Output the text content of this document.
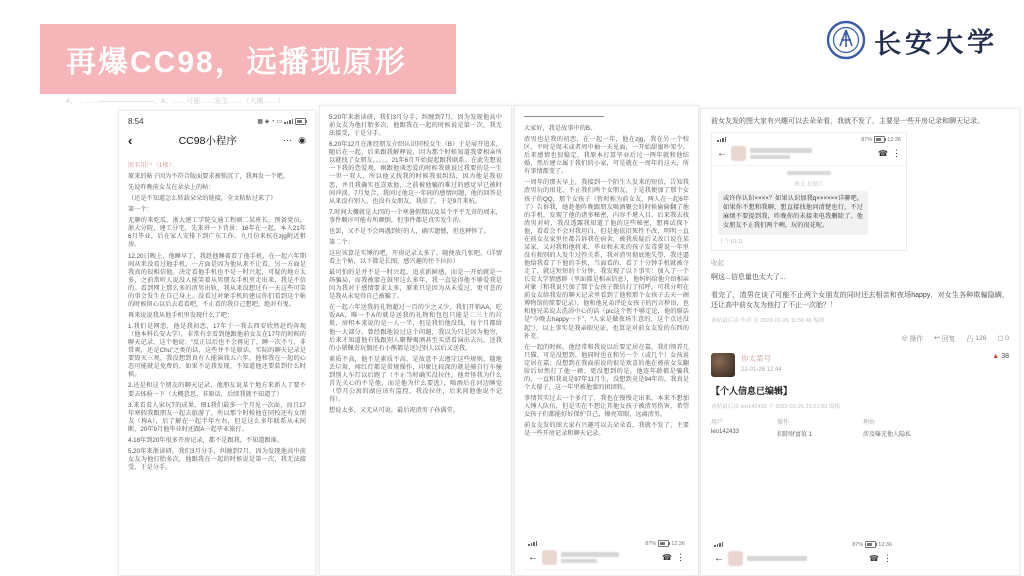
再爆CC98，远播现原形
4、………————————、A、……可能……发生……（大概……）
长安大学
8:54	▦ ◈ ◔ ▭
‹	CC98小程序	⋯ ◉
匿名用户（1楼）：

原来的帖子因为不符合版面要求被锁沉了，我再发一个吧。

先说昨晚前女友在朵朵上的帖：

（还是不知道怎么转载朵朵的链接，全文粘贴过来了）

第一个：

无聊的来吃瓜，浙大建工学院交通工程硕二某班长，预备党员，浙大分院，建工分宅，先来讲一下背景：16年在一起，本人21年6月毕业，后在家人安排下到广东工作，九月份来杭在zjg附近租房。

12.20日晚上，他睡早了，我趁他睡着看了他手机，在一起六年期间从来没看过他手机，一方面是因为他从来不让看，另一方面是我真的很相信他。决定看他手机也不是一时兴起，可疑的地方太多，之前常听人说没人能笑着从男朋友手机里走出来，我是不信的。看到网上那么多的渣男出轨，我从来没想过有一天这些可笑的事会发生在自己身上。没看过对象手机的建议你们看到这个帖的时候留心以后去看看吧，不止看的我自己想吧，绝对有鬼。

再来说说我从他手机里发现什么了吧：

1.我们是网恋，他是我初恋，17年十一我去西安欣然赴约奔现（他本科长安大学），非常有幸看到他跟他前女友在17年的时候的聊天记录，这个他说：“反正以后也不会再见了，睡一次不亏，非常爽，还是Chu”之类的话，这些并不是原话，实际的聊天记录是要毁灭三观，我没想到真有人能演戏五六年，他和我在一起的心态可能就是免费的，如果不是我发现，不知道他还要装到什么时候。

2.还是和这个朋友的聊天记录，他朋友说某个地方来新人了要不要去体验一下（大概意思，非原话，后续我就不知道了）

3.来看看人家玩T的成果，图1我们最多一个月见一次面，而且17年寒假我跟朋友一起去旅游了，所以那个时候他在同校还有女朋友（称A），后了解在一起半年左右，但是这么多年联系从未间断，20年9月他毕业时还跟A一起毕业旅行。

4.18年到20年很多开房记录，都不是跟我，不知道跟谁。

5.20年来浙读研，我们3月分手，纠缠到7月，因为发现他高中前女友为他打胎多次，他跟我在一起的时候说是第一次，我无法接受，于是分手。

5.20年来浙读研，我们3月分手，纠缠到7月，因为发现他高中前女友为他打胎多次，他跟我在一起的时候说是第一次，我无法接受，于是分手。

6.20年12月在浙经朋友介绍认识同校女生（B）于是展开追求，随后在一起，后来跟我解释说，因为那个时候知道我要相亲所以就找了女朋友。。。。。21年6月开始提起跟我联系。在此先想说一下我的恋爱观，刚跟他谈恋爱的时候我就说过我要的是一生一世一双人，所以他又找我的时候我很纠结，因为他是我初恋，并且我确实也喜欢他，之前被他骗的难过的感觉早已被时间冲淡，7月复合，我问过他这一年间的感情问题，他的回答是从来没有别人，也没有女朋友，我信了，于是9月来杭。

7.时间大概就是大四的一个寒暑假期以及某个平平无奇的周末，事件顺序可能有所颠倒，但事件都是真实发生的。

也罢，又不是不会再遇到好的人，确实遗憾，但也释怀了。

第二个：

这应该算是实锤的吧，开房记录太多了，随便放几张吧。（详情看上个帖，以下都是长图，感兴趣的往下拉拉）

最可怕的是并不是一时兴起，追求新鲜感，而是一开始就是一场骗局，而我被蒙在鼓里这么多年，我一直觉得他不够爱我是因为我对于感情要求太多，原来只是因为从未爱过，更可悲的是我从未觉得自己被骗了。

在一起六年送我的礼物超过一百的少之又少，我们开销AA，吃饭AA，唯一不A的就是送我的礼物和包包只能是二三十的垃圾，房租本来说的是一人一半，但是我怕他没钱，每个月都给他一大部分，曾经跟他说过这个问题，我以为只是因为他穷，后来才知道他有钱跟别人聚餐喝酒甚至买票看演出去玩，送我的小猪佩奇玩偶还有小熊都是送过别人以后又送我。

素质不高，他不是素质不高，是故意不去遵守这些规则，随地丢垃圾，闯红灯都是常规操作，印象比较深的就是骑自行车撞到别人车灯以后跑了（不止当时确实没拉住，他责怪我为什么首先关心的不是他，而是他为什么要逃），喝酒后在河边睡觉（望月公寓的湖应该有监控，我没拉住，后来问他他说不记得）。

想说太多，又无从可说，最后祝渣男子孙满堂。

大家好，我是故事中的B。

渣男也是我的初恋，在一起一年，他在zjg，我在另一个校区，平时是周末或者周中抽一天见面，一开始甜蜜吵架少，后来感情也很稳定，我原本打算毕业后过一两年就和他结婚，然后建立属于我们的小家，可是就在一周年的这天，所有事情都变了。

一周年的那天早上，我接到一个陌生人发来的短信，告知我渣男玩的很花，不止我们两个女朋友，于是我便加了那个女孩子的QQ，那个女孩子（暂时称为前女友，两人在一起6年了）告诉我，她趁他昨晚跟朋友喝酒聚会的时候偷偷翻了他的手机，发现了他的诸多秘密，内容不堪入目。后来我去找渣男对峙，我没透露我知道了他的这些秘密，想再试探下他，看看会不会对我坦白，但是他依旧死性不改，明明一直在前女友家里住都告诉我在宿舍，被我质疑后又改口说在某某家，又对我和他将来、毕业和未来的孩子发毒誓说一年里没有和别的人发生过性关系，我对渣男彻底地失望，我还逼他给我看了下他的手机，当面看的，看了十分钟手机就被夺走了，就这短短的十分钟，我发现了以下事实：加入了一个长安大学情感群（里面都是相亲信息），他妈妈给他介绍相亲对象（和我说只加了那个女孩子微信打了招呼，可我分明在前女友给我发的聊天记录里看到了他和那个女孩子去天一阁博物馆的简要记录），他和他兄弟评论女孩子的污言秽语，也和他兄弟说去洗浴中心的话（pic这个暂不够定论，他的原话是“今晚去happy一下”，“人家是做夜场生意的，这个点还没起”），以上事实是我亲眼见证，也算是对前女友发的东西的补充。

在一起的时候，他经常和我说以后要定居在嘉，我们领养几只猫，可是没想到，他同时也在和另一个（或几个）女孩说定居在嘉；没想到在我面前说的很是欢喜的他在被前女友翻脸后居然打了他一顿；更没想到的是，他连年龄都是骗我的，一直和我说是97年11月生，没想到竟是94年的，我真是个大傻子，这一年里被他蒙的团团转。

事情其实过去一个多月了，我也在慢慢走出来，本来不想加入锤人队伍，但是实在不想让其他女孩子被渣男伤害，希望女孩子们都能好好保护自己，擦亮双眼，远离渣男。

前女友发的图大家有兴趣可以去朵朵看，我就不发了，主要是一些开房记录和聊天记录。

87%	12:36
←	☎ ⋮

前女友发的图大家有兴趣可以去朵朵看，我就不发了，主要是一些开房记录和聊天记录。

87%	12:36
←	☎ ⋮
昨天 星期六
或许你认识××××？如果认识加我q××××××详聊吧。如果你不想和我聊，想直接找他问清楚也行，不过麻烦不要提到我，昨晚你的未接来电我删除了。他女朋友不止我们两个咧，玩的很花呢。
上午10:11
收起
啊这...信息量也太大了...

看完了，渣男在谈了可能不止两个女朋友的同时还去相亲和夜场happy，对女生各种欺骗隐瞒，还让高中前女友为他打了不止一次胎？！

该帖最后由 作者 在 2022-01-26 11:56:46 编辑
◎ 操作 ↩ 回复 凸 126 ◻ 0
你太菜号
22-01-26 12:44
▲ 38
【个人信息已编辑】
该帖最后由 leo142433 于 2022-01-26 21:21:53 编辑
用户	操作	理由
leo142433	扣除财富值 1	涉及曝光他人隐私
87%	12:36
←	☎ ⋮
